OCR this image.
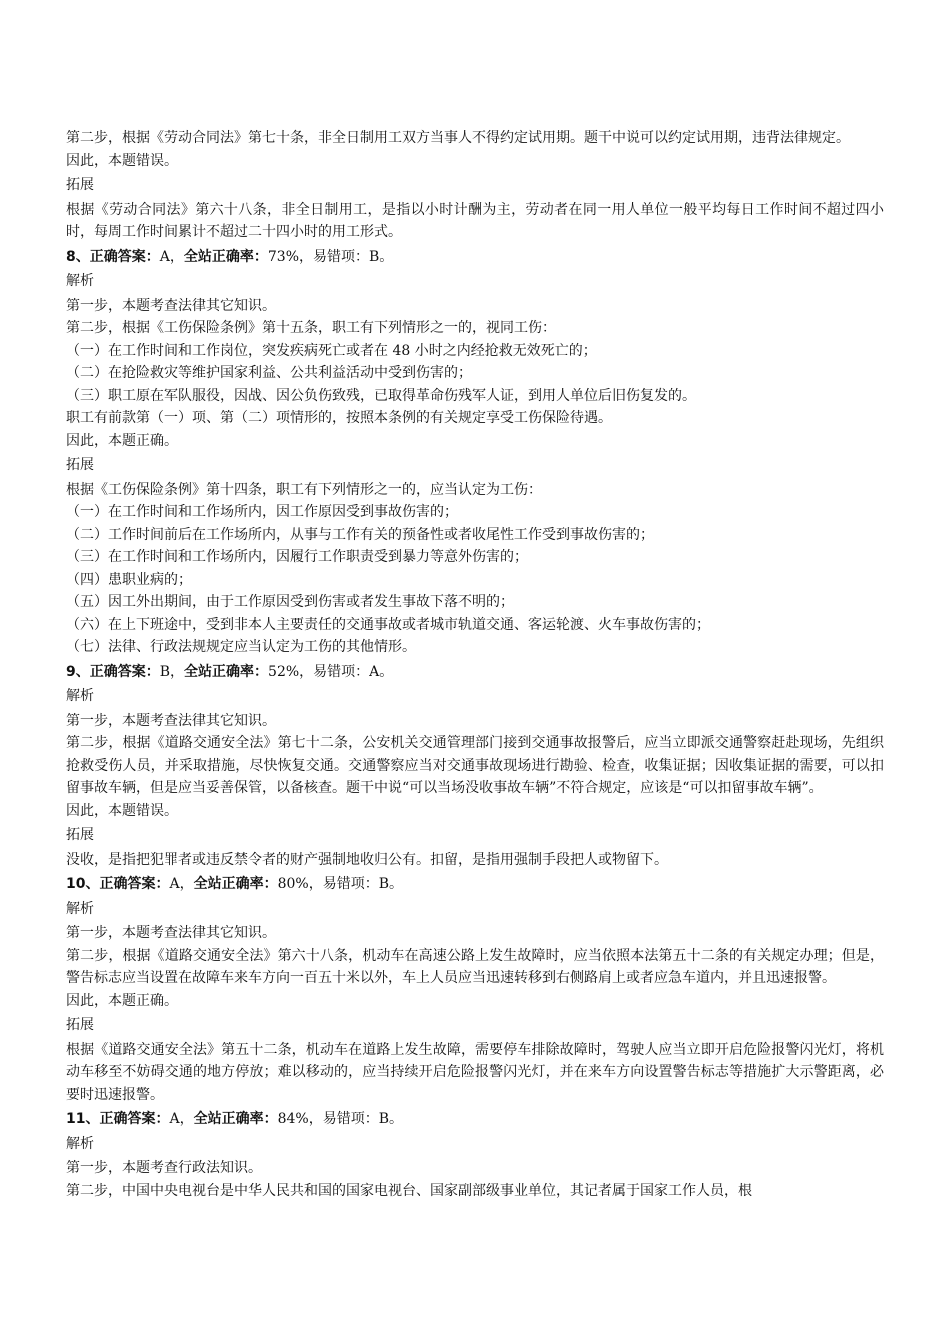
第二步，根据《劳动合同法》第七十条，非全日制用工双方当事人不得约定试用期。题干中说可以约定试用期，违背法律规定。

因此，本题错误。

拓展

根据《劳动合同法》第六十八条，非全日制用工，是指以小时计酬为主，劳动者在同一用人单位一般平均每日工作时间不超过四小时，每周工作时间累计不超过二十四小时的用工形式。

8、正确答案：A，全站正确率：73%，易错项：B。

解析

第一步，本题考查法律其它知识。

第二步，根据《工伤保险条例》第十五条，职工有下列情形之一的，视同工伤：

（一）在工作时间和工作岗位，突发疾病死亡或者在 48 小时之内经抢救无效死亡的；

（二）在抢险救灾等维护国家利益、公共利益活动中受到伤害的；

（三）职工原在军队服役，因战、因公负伤致残，已取得革命伤残军人证，到用人单位后旧伤复发的。

职工有前款第（一）项、第（二）项情形的，按照本条例的有关规定享受工伤保险待遇。

因此，本题正确。

拓展

根据《工伤保险条例》第十四条，职工有下列情形之一的，应当认定为工伤：

（一）在工作时间和工作场所内，因工作原因受到事故伤害的；

（二）工作时间前后在工作场所内，从事与工作有关的预备性或者收尾性工作受到事故伤害的；

（三）在工作时间和工作场所内，因履行工作职责受到暴力等意外伤害的；

（四）患职业病的；

（五）因工外出期间，由于工作原因受到伤害或者发生事故下落不明的；

（六）在上下班途中，受到非本人主要责任的交通事故或者城市轨道交通、客运轮渡、火车事故伤害的；

（七）法律、行政法规规定应当认定为工伤的其他情形。

9、正确答案：B，全站正确率：52%，易错项：A。

解析

第一步，本题考查法律其它知识。

第二步，根据《道路交通安全法》第七十二条，公安机关交通管理部门接到交通事故报警后，应当立即派交通警察赶赴现场，先组织抢救受伤人员，并采取措施，尽快恢复交通。交通警察应当对交通事故现场进行勘验、检查，收集证据；因收集证据的需要，可以扣留事故车辆，但是应当妥善保管，以备核查。题干中说“可以当场没收事故车辆”不符合规定，应该是“可以扣留事故车辆”。

因此，本题错误。

拓展

没收，是指把犯罪者或违反禁令者的财产强制地收归公有。扣留，是指用强制手段把人或物留下。

10、正确答案：A，全站正确率：80%，易错项：B。

解析

第一步，本题考查法律其它知识。

第二步，根据《道路交通安全法》第六十八条，机动车在高速公路上发生故障时，应当依照本法第五十二条的有关规定办理；但是，警告标志应当设置在故障车来车方向一百五十米以外，车上人员应当迅速转移到右侧路肩上或者应急车道内，并且迅速报警。

因此，本题正确。

拓展

根据《道路交通安全法》第五十二条，机动车在道路上发生故障，需要停车排除故障时，驾驶人应当立即开启危险报警闪光灯，将机动车移至不妨碍交通的地方停放；难以移动的，应当持续开启危险报警闪光灯，并在来车方向设置警告标志等措施扩大示警距离，必要时迅速报警。

11、正确答案：A，全站正确率：84%，易错项：B。

解析

第一步，本题考查行政法知识。

第二步，中国中央电视台是中华人民共和国的国家电视台、国家副部级事业单位，其记者属于国家工作人员，根
